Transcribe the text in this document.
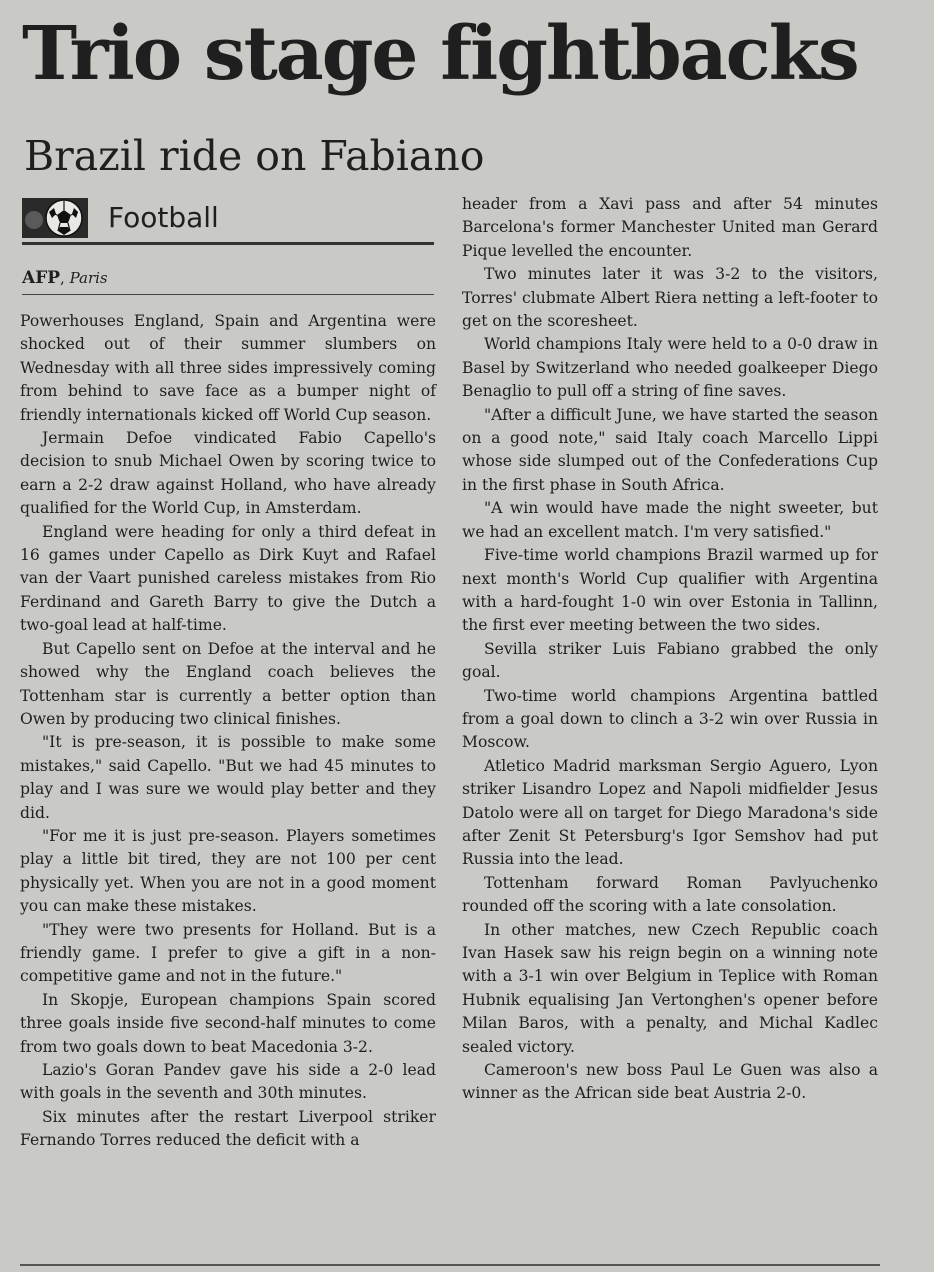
Trio stage fightbacks
Brazil ride on Fabiano
Football
AFP, Paris

Powerhouses England, Spain and Argentina were shocked out of their summer slumbers on Wednesday with all three sides impressively coming from behind to save face as a bumper night of friendly internationals kicked off World Cup season.

Jermain Defoe vindicated Fabio Capello's decision to snub Michael Owen by scoring twice to earn a 2-2 draw against Holland, who have already qualified for the World Cup, in Amsterdam.

England were heading for only a third defeat in 16 games under Capello as Dirk Kuyt and Rafael van der Vaart punished careless mistakes from Rio Ferdinand and Gareth Barry to give the Dutch a two-goal lead at half-time.

But Capello sent on Defoe at the interval and he showed why the England coach believes the Tottenham star is currently a better option than Owen by producing two clinical finishes.

"It is pre-season, it is possible to make some mistakes," said Capello. "But we had 45 minutes to play and I was sure we would play better and they did.

"For me it is just pre-season. Players sometimes play a little bit tired, they are not 100 per cent physically yet. When you are not in a good moment you can make these mistakes.

"They were two presents for Holland. But is a friendly game. I prefer to give a gift in a non-competitive game and not in the future."

In Skopje, European champions Spain scored three goals inside five second-half minutes to come from two goals down to beat Macedonia 3-2.

Lazio's Goran Pandev gave his side a 2-0 lead with goals in the seventh and 30th minutes.

Six minutes after the restart Liverpool striker Fernando Torres reduced the deficit with a

header from a Xavi pass and after 54 minutes Barcelona's former Manchester United man Gerard Pique levelled the encounter.

Two minutes later it was 3-2 to the visitors, Torres' clubmate Albert Riera netting a left-footer to get on the scoresheet.

World champions Italy were held to a 0-0 draw in Basel by Switzerland who needed goalkeeper Diego Benaglio to pull off a string of fine saves.

"After a difficult June, we have started the season on a good note," said Italy coach Marcello Lippi whose side slumped out of the Confederations Cup in the first phase in South Africa.

"A win would have made the night sweeter, but we had an excellent match. I'm very satisfied."

Five-time world champions Brazil warmed up for next month's World Cup qualifier with Argentina with a hard-fought 1-0 win over Estonia in Tallinn, the first ever meeting between the two sides.

Sevilla striker Luis Fabiano grabbed the only goal.

Two-time world champions Argentina battled from a goal down to clinch a 3-2 win over Russia in Moscow.

Atletico Madrid marksman Sergio Aguero, Lyon striker Lisandro Lopez and Napoli midfielder Jesus Datolo were all on target for Diego Maradona's side after Zenit St Petersburg's Igor Semshov had put Russia into the lead.

Tottenham forward Roman Pavlyuchenko rounded off the scoring with a late consolation.

In other matches, new Czech Republic coach Ivan Hasek saw his reign begin on a winning note with a 3-1 win over Belgium in Teplice with Roman Hubnik equalising Jan Vertonghen's opener before Milan Baros, with a penalty, and Michal Kadlec sealed victory.

Cameroon's new boss Paul Le Guen was also a winner as the African side beat Austria 2-0.
